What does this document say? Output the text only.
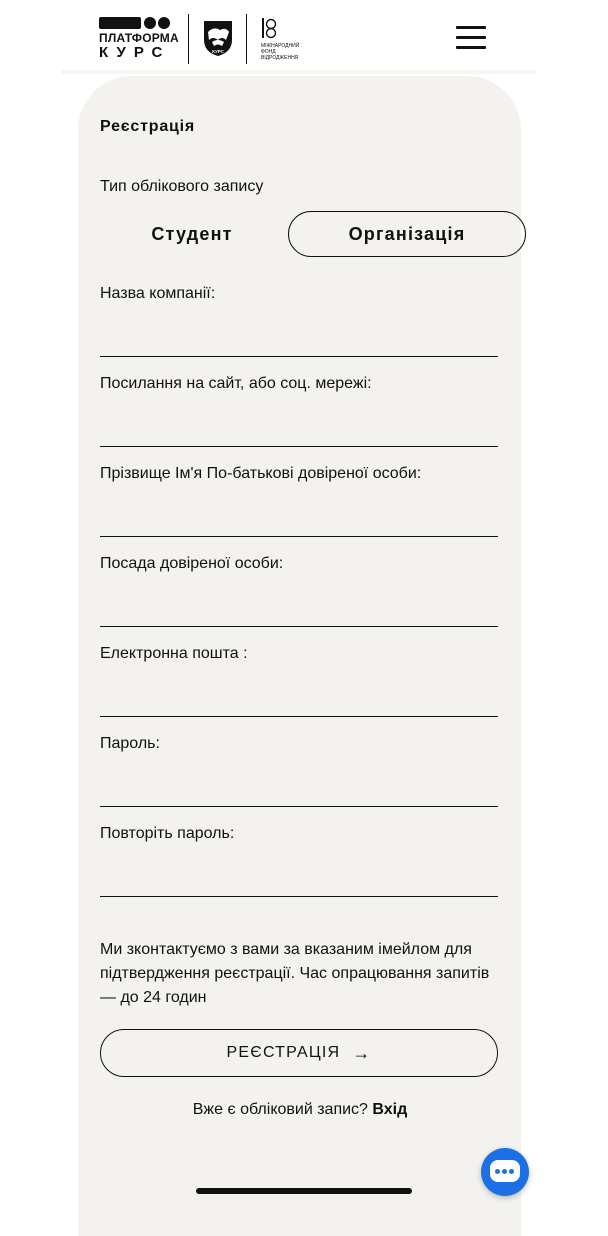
ПЛАТФОРМА
КУРС	КУРС
МІЖНАРОДНИЙ
ФОНД
ВІДРОДЖЕННЯ
Реєстрація
Тип облікового запису
Студент	Організація
Назва компанії:
Посилання на сайт, або соц. мережі:
Прізвище Ім'я По-батькові довіреної особи:
Посада довіреної особи:
Електронна пошта :
Пароль:
Повторіть пароль:
Ми зконтактуємо з вами за вказаним імейлом для підтвердження реєстрації. Час опрацювання запитів — до 24 годин
РЕЄСТРАЦІЯ →
Вже є обліковий запис? Вхід
